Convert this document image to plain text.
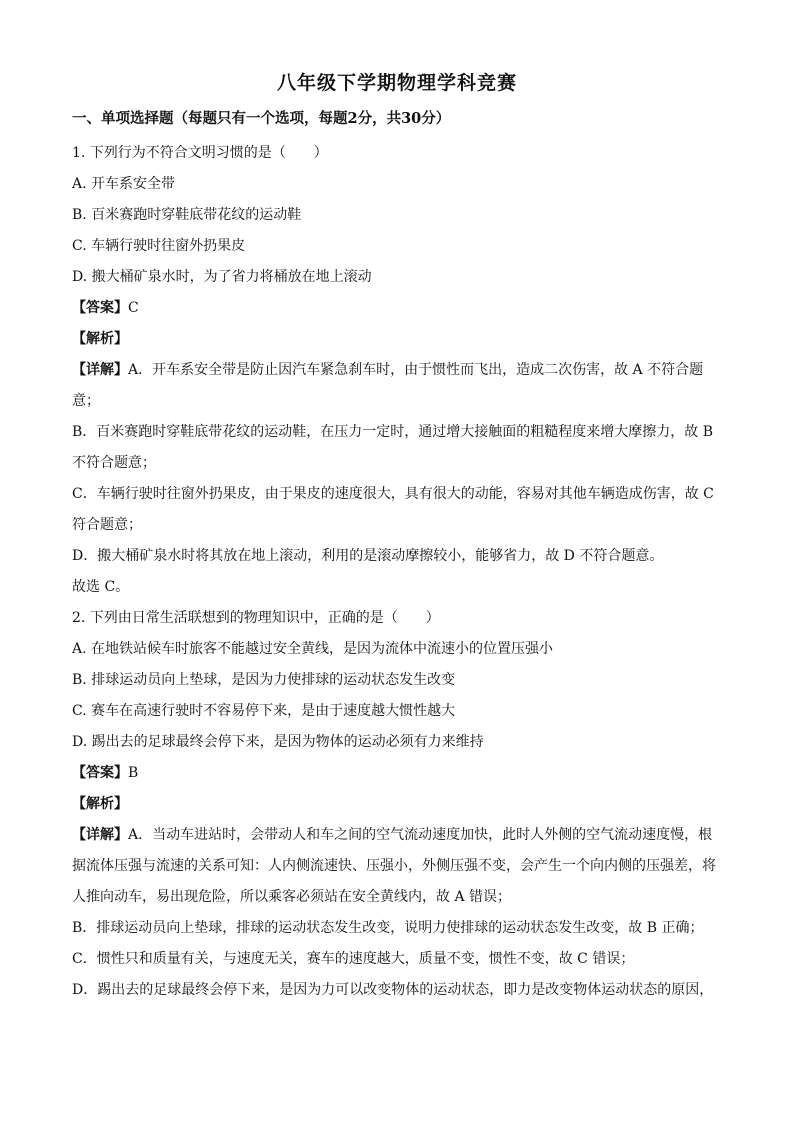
八年级下学期物理学科竞赛
一、单项选择题（每题只有一个选项，每题2分，共30分）

1. 下列行为不符合文明习惯的是（　　）

A. 开车系安全带

B. 百米赛跑时穿鞋底带花纹的运动鞋

C. 车辆行驶时往窗外扔果皮

D. 搬大桶矿泉水时，为了省力将桶放在地上滚动

【答案】C

【解析】

【详解】A．开车系安全带是防止因汽车紧急刹车时，由于惯性而飞出，造成二次伤害，故 A 不符合题

意；

B．百米赛跑时穿鞋底带花纹的运动鞋，在压力一定时，通过增大接触面的粗糙程度来增大摩擦力，故 B

不符合题意；

C．车辆行驶时往窗外扔果皮，由于果皮的速度很大，具有很大的动能，容易对其他车辆造成伤害，故 C

符合题意；

D．搬大桶矿泉水时将其放在地上滚动，利用的是滚动摩擦较小，能够省力，故 D 不符合题意。

故选 C。

2. 下列由日常生活联想到的物理知识中，正确的是（　　）

A. 在地铁站候车时旅客不能越过安全黄线，是因为流体中流速小的位置压强小

B. 排球运动员向上垫球，是因为力使排球的运动状态发生改变

C. 赛车在高速行驶时不容易停下来，是由于速度越大惯性越大

D. 踢出去的足球最终会停下来，是因为物体的运动必须有力来维持

【答案】B

【解析】

【详解】A．当动车进站时，会带动人和车之间的空气流动速度加快，此时人外侧的空气流动速度慢，根

据流体压强与流速的关系可知：人内侧流速快、压强小，外侧压强不变，会产生一个向内侧的压强差，将

人推向动车，易出现危险，所以乘客必须站在安全黄线内，故 A 错误；

B．排球运动员向上垫球，排球的运动状态发生改变，说明力使排球的运动状态发生改变，故 B 正确；

C．惯性只和质量有关，与速度无关，赛车的速度越大，质量不变，惯性不变，故 C 错误；

D．踢出去的足球最终会停下来，是因为力可以改变物体的运动状态，即力是改变物体运动状态的原因，
